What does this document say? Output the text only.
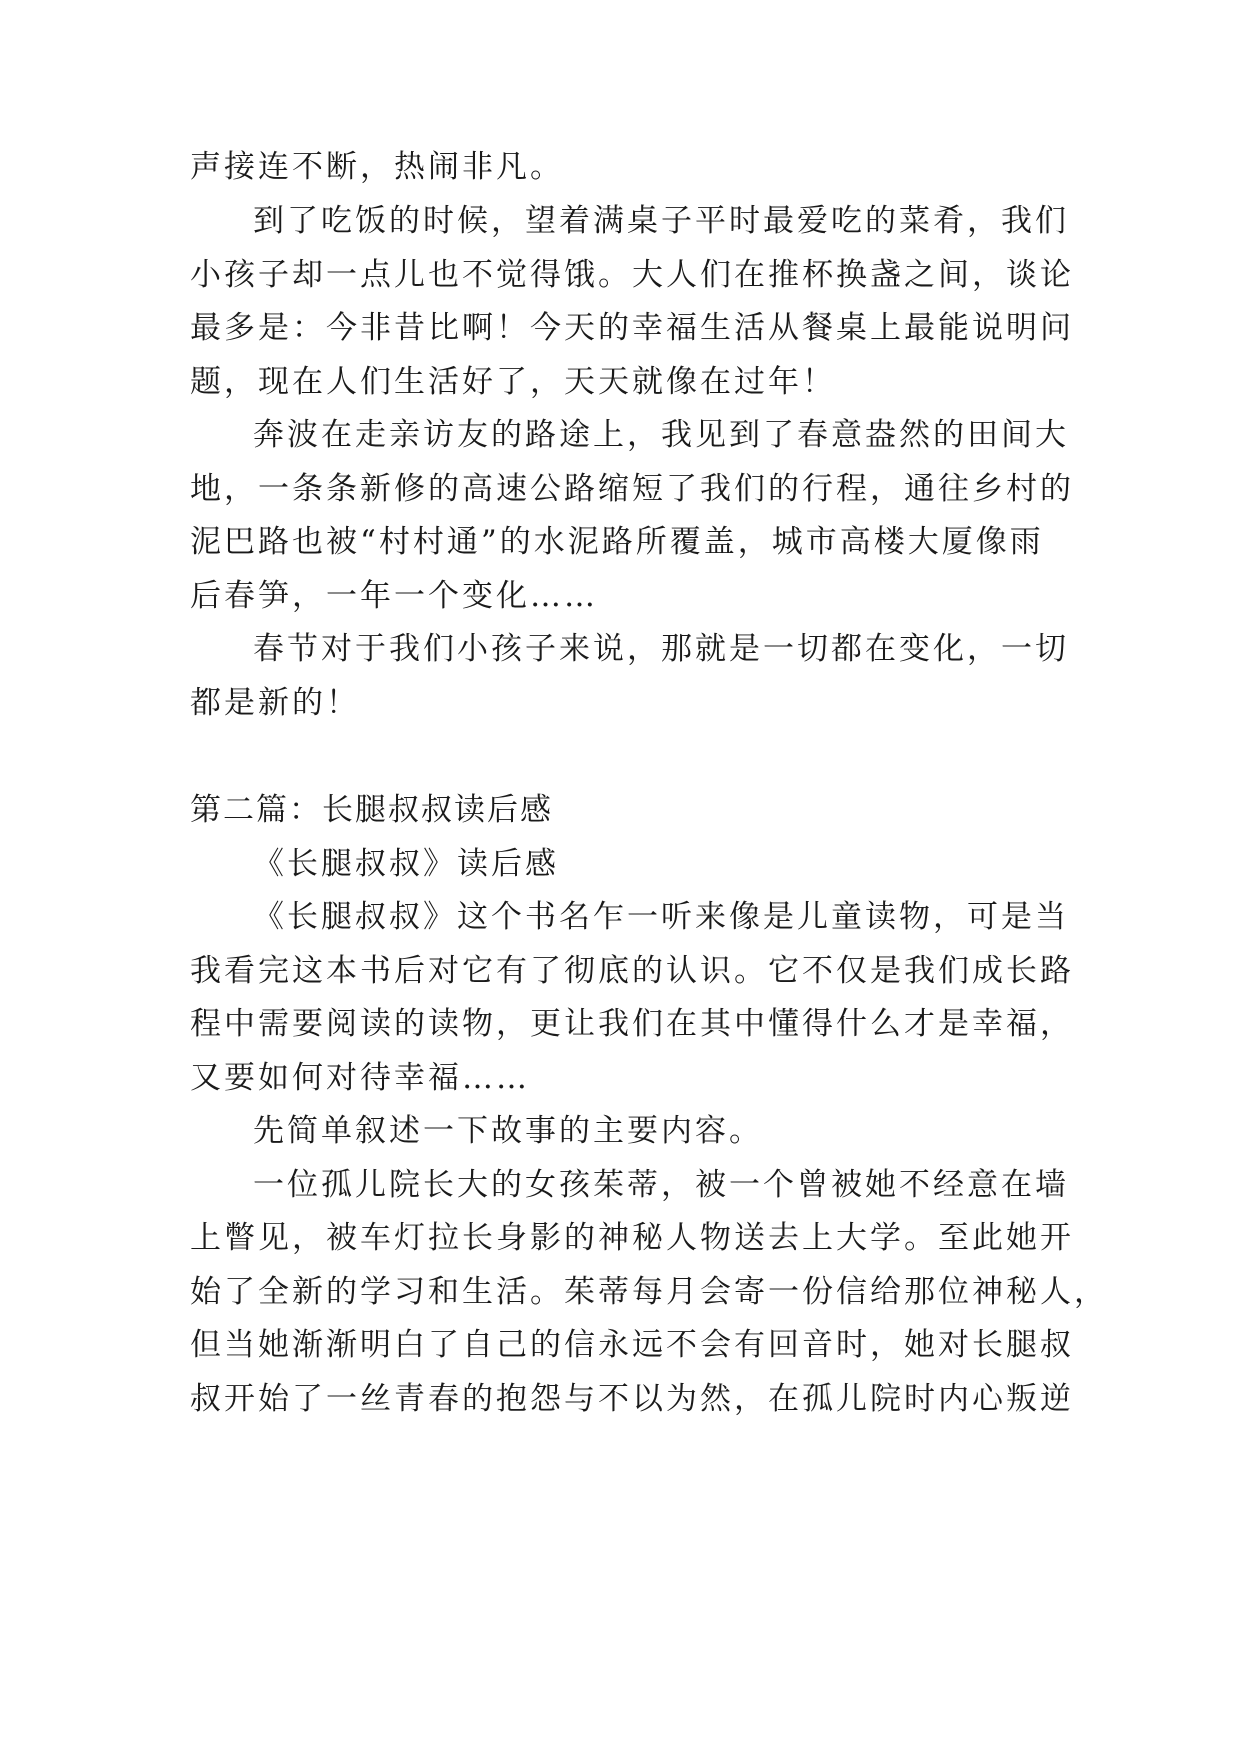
声接连不断，热闹非凡。
到了吃饭的时候，望着满桌子平时最爱吃的菜肴，我们
小孩子却一点儿也不觉得饿。大人们在推杯换盏之间，谈论
最多是：今非昔比啊！今天的幸福生活从餐桌上最能说明问
题，现在人们生活好了，天天就像在过年！
奔波在走亲访友的路途上，我见到了春意盎然的田间大
地，一条条新修的高速公路缩短了我们的行程，通往乡村的
泥巴路也被“村村通”的水泥路所覆盖，城市高楼大厦像雨
后春笋，一年一个变化……
春节对于我们小孩子来说，那就是一切都在变化，一切
都是新的！
第二篇：长腿叔叔读后感
《长腿叔叔》读后感
《长腿叔叔》这个书名乍一听来像是儿童读物，可是当
我看完这本书后对它有了彻底的认识。它不仅是我们成长路
程中需要阅读的读物，更让我们在其中懂得什么才是幸福，
又要如何对待幸福……
先简单叙述一下故事的主要内容。
一位孤儿院长大的女孩茱蒂，被一个曾被她不经意在墙
上瞥见，被车灯拉长身影的神秘人物送去上大学。至此她开
始了全新的学习和生活。茱蒂每月会寄一份信给那位神秘人，
但当她渐渐明白了自己的信永远不会有回音时，她对长腿叔
叔开始了一丝青春的抱怨与不以为然，在孤儿院时内心叛逆
